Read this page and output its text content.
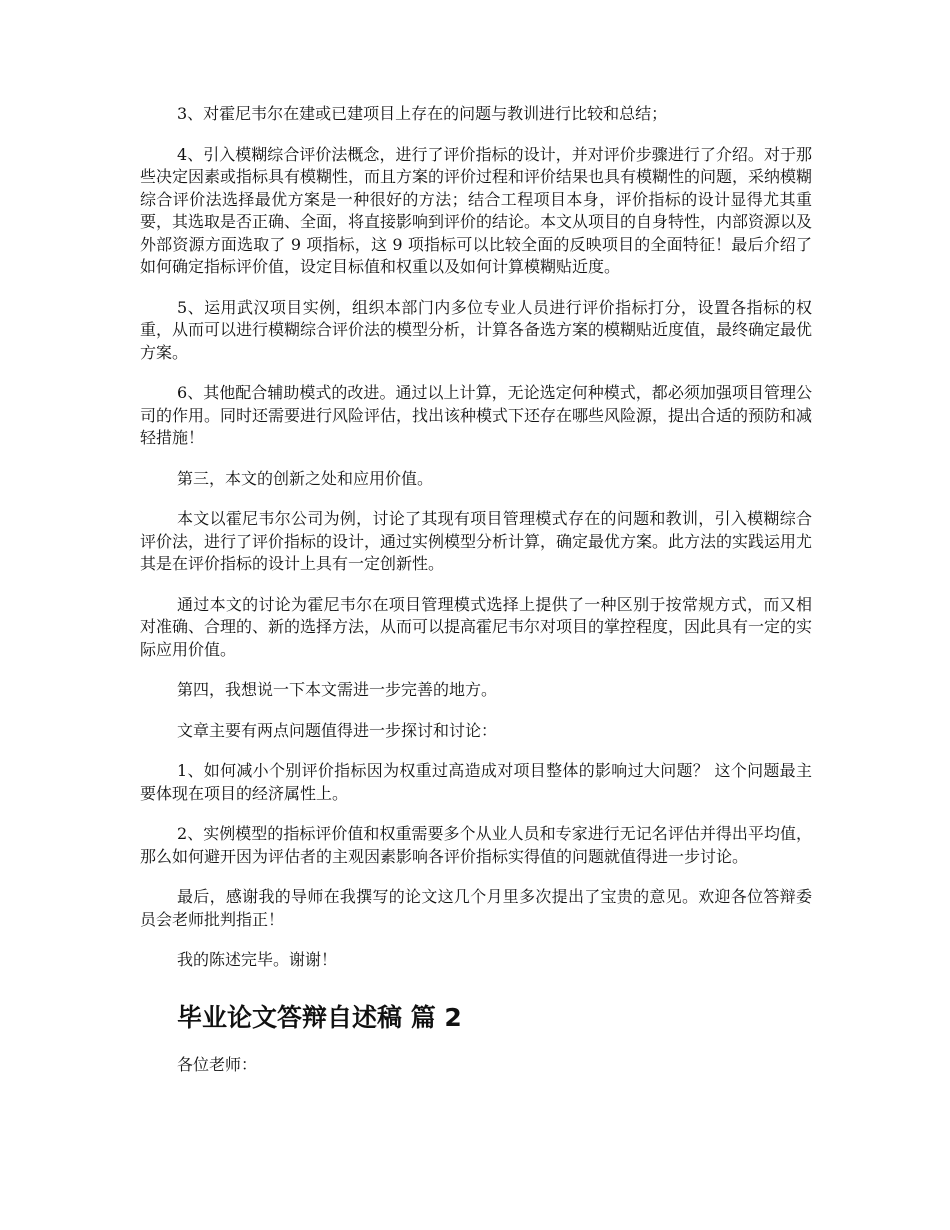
3、对霍尼韦尔在建或已建项目上存在的问题与教训进行比较和总结；

4、引入模糊综合评价法概念，进行了评价指标的设计，并对评价步骤进行了介绍。对于那些决定因素或指标具有模糊性，而且方案的评价过程和评价结果也具有模糊性的问题，采纳模糊综合评价法选择最优方案是一种很好的方法；结合工程项目本身，评价指标的设计显得尤其重要，其选取是否正确、全面，将直接影响到评价的结论。本文从项目的自身特性，内部资源以及外部资源方面选取了 9 项指标，这 9 项指标可以比较全面的反映项目的全面特征！最后介绍了如何确定指标评价值，设定目标值和权重以及如何计算模糊贴近度。

5、运用武汉项目实例，组织本部门内多位专业人员进行评价指标打分，设置各指标的权重，从而可以进行模糊综合评价法的模型分析，计算各备选方案的模糊贴近度值，最终确定最优方案。

6、其他配合辅助模式的改进。通过以上计算，无论选定何种模式，都必须加强项目管理公司的作用。同时还需要进行风险评估，找出该种模式下还存在哪些风险源，提出合适的预防和减轻措施！

第三，本文的创新之处和应用价值。

本文以霍尼韦尔公司为例，讨论了其现有项目管理模式存在的问题和教训，引入模糊综合评价法，进行了评价指标的设计，通过实例模型分析计算，确定最优方案。此方法的实践运用尤其是在评价指标的设计上具有一定创新性。

通过本文的讨论为霍尼韦尔在项目管理模式选择上提供了一种区别于按常规方式，而又相对准确、合理的、新的选择方法，从而可以提高霍尼韦尔对项目的掌控程度，因此具有一定的实际应用价值。

第四，我想说一下本文需进一步完善的地方。

文章主要有两点问题值得进一步探讨和讨论：

1、如何减小个别评价指标因为权重过高造成对项目整体的影响过大问题？ 这个问题最主要体现在项目的经济属性上。

2、实例模型的指标评价值和权重需要多个从业人员和专家进行无记名评估并得出平均值，那么如何避开因为评估者的主观因素影响各评价指标实得值的问题就值得进一步讨论。

最后，感谢我的导师在我撰写的论文这几个月里多次提出了宝贵的意见。欢迎各位答辩委员会老师批判指正！

我的陈述完毕。谢谢！

毕业论文答辩自述稿 篇 2

各位老师：
